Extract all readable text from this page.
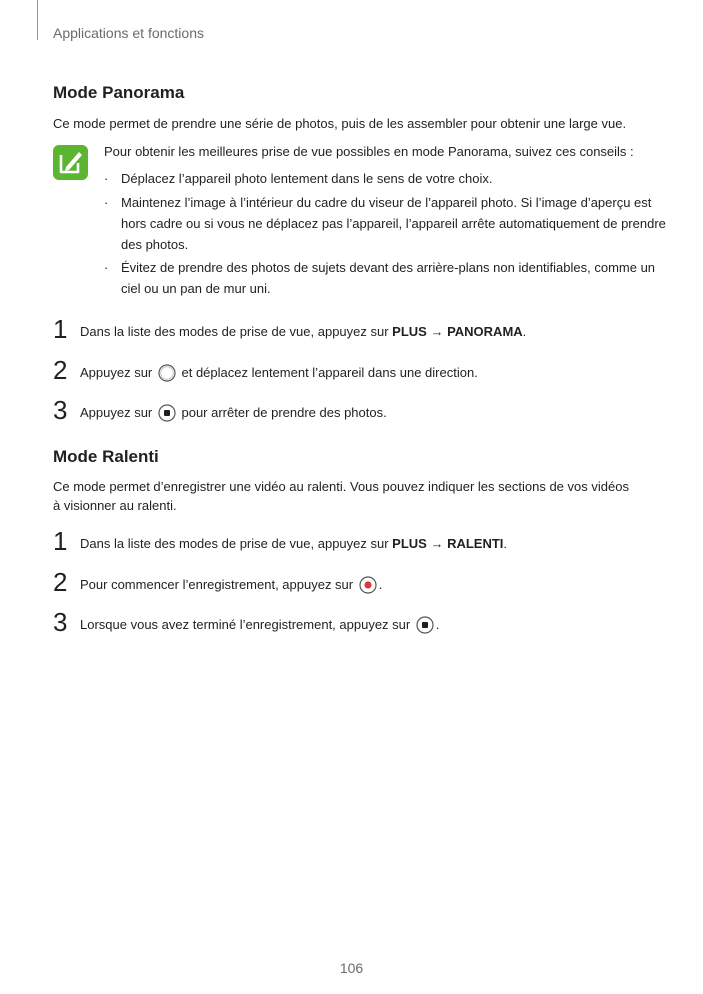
Applications et fonctions
Mode Panorama
Ce mode permet de prendre une série de photos, puis de les assembler pour obtenir une large vue.
Pour obtenir les meilleures prise de vue possibles en mode Panorama, suivez ces conseils :
· Déplacez l’appareil photo lentement dans le sens de votre choix.
· Maintenez l’image à l’intérieur du cadre du viseur de l’appareil photo. Si l’image d’aperçu est hors cadre ou si vous ne déplacez pas l’appareil, l’appareil arrête automatiquement de prendre des photos.
· Évitez de prendre des photos de sujets devant des arrière-plans non identifiables, comme un ciel ou un pan de mur uni.
1 Dans la liste des modes de prise de vue, appuyez sur PLUS → PANORAMA.
2 Appuyez sur  et déplacez lentement l’appareil dans une direction.
3 Appuyez sur  pour arrêter de prendre des photos.
Mode Ralenti
Ce mode permet d’enregistrer une vidéo au ralenti. Vous pouvez indiquer les sections de vos vidéos
à visionner au ralenti.
1 Dans la liste des modes de prise de vue, appuyez sur PLUS → RALENTI.
2 Pour commencer l’enregistrement, appuyez sur .
3 Lorsque vous avez terminé l’enregistrement, appuyez sur .
106
